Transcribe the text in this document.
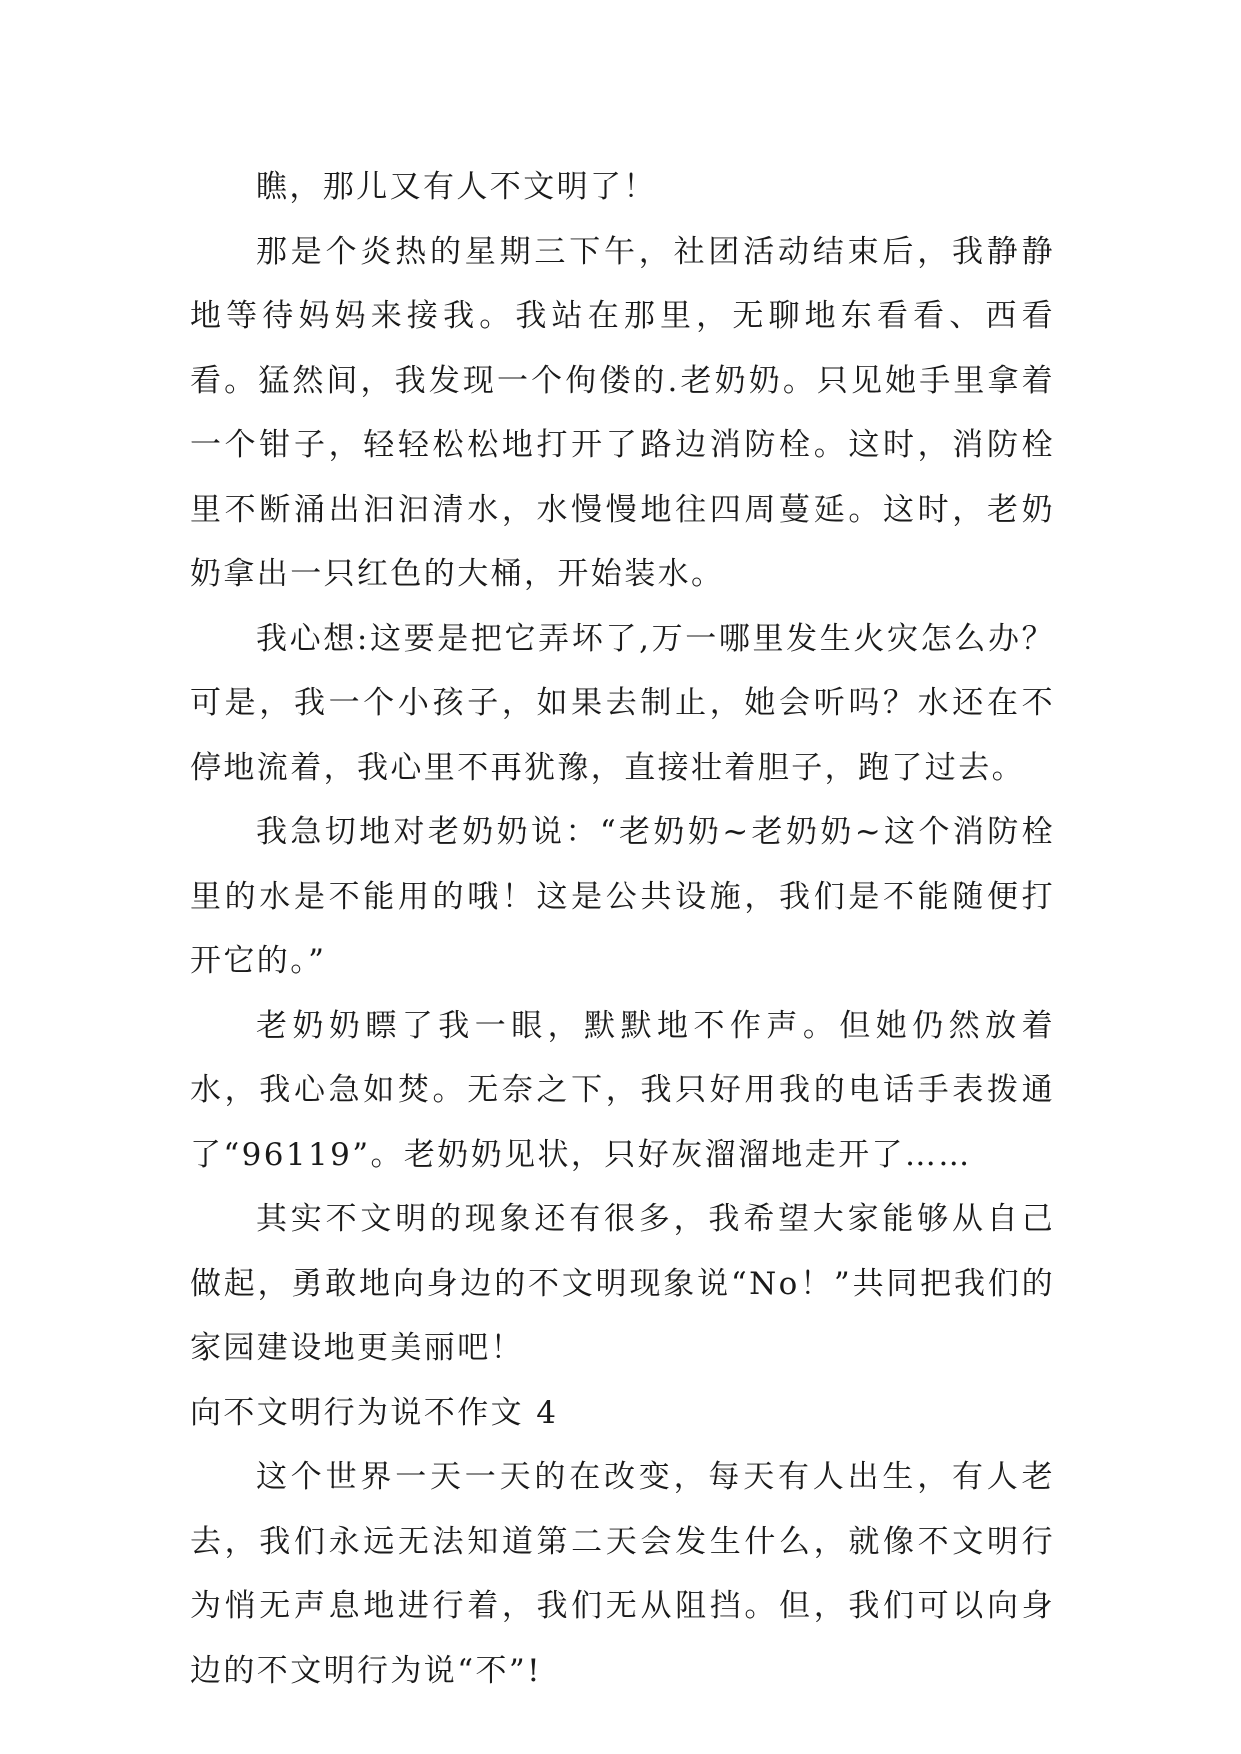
瞧，那儿又有人不文明了！

那是个炎热的星期三下午，社团活动结束后，我静静地等待妈妈来接我。我站在那里，无聊地东看看、西看看。猛然间，我发现一个佝偻的.老奶奶。只见她手里拿着一个钳子，轻轻松松地打开了路边消防栓。这时，消防栓里不断涌出汩汩清水，水慢慢地往四周蔓延。这时，老奶奶拿出一只红色的大桶，开始装水。

我心想:这要是把它弄坏了,万一哪里发生火灾怎么办？可是，我一个小孩子，如果去制止，她会听吗？水还在不停地流着，我心里不再犹豫，直接壮着胆子，跑了过去。

我急切地对老奶奶说：“老奶奶~老奶奶~这个消防栓里的水是不能用的哦！这是公共设施，我们是不能随便打开它的。”

老奶奶瞟了我一眼，默默地不作声。但她仍然放着水，我心急如焚。无奈之下，我只好用我的电话手表拨通了“96119”。老奶奶见状，只好灰溜溜地走开了……

其实不文明的现象还有很多，我希望大家能够从自己做起，勇敢地向身边的不文明现象说“No！”共同把我们的家园建设地更美丽吧！

向不文明行为说不作文 4

这个世界一天一天的在改变，每天有人出生，有人老去，我们永远无法知道第二天会发生什么，就像不文明行为悄无声息地进行着，我们无从阻挡。但，我们可以向身边的不文明行为说“不”!
